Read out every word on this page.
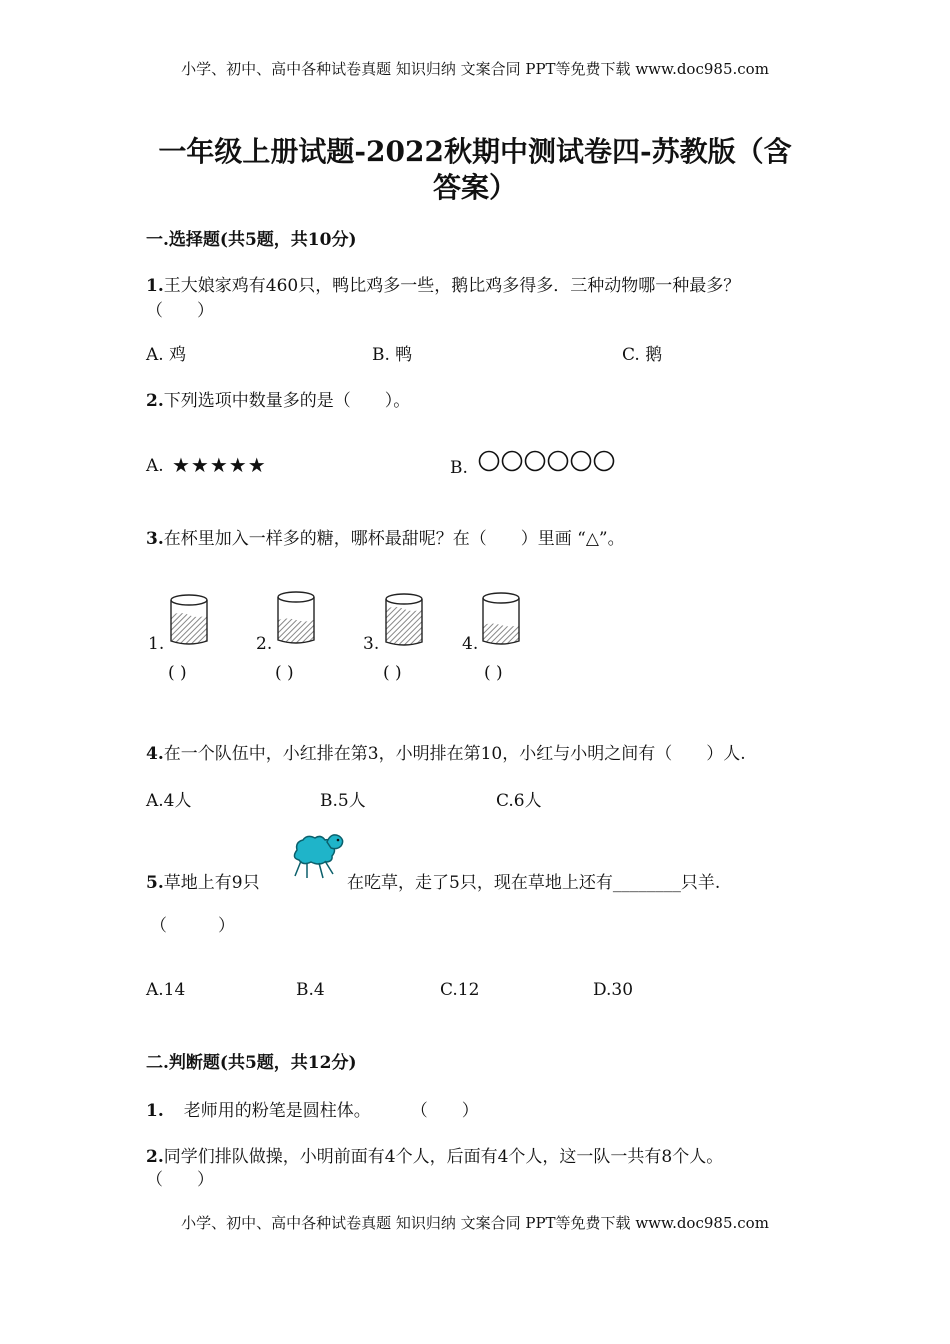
小学、初中、高中各种试卷真题 知识归纳 文案合同 PPT等免费下载 www.doc985.com
一年级上册试题-2022秋期中测试卷四-苏教版（含
答案）
一.选择题(共5题，共10分)
1.王大娘家鸡有460只，鸭比鸡多一些，鹅比鸡多得多．三种动物哪一种最多？
（　　）
A. 鸡	B. 鸭	C. 鹅
2.下列选项中数量多的是（　　）。
A. ★★★★★	B.
3.在杯里加入一样多的糖，哪杯最甜呢？在（　　）里画 “△”。
1.
( )
2.
( )
3.
( )
4.
( )
4.在一个队伍中，小红排在第3，小明排在第10，小红与小明之间有（　　）人.
A.4人	B.5人	C.6人
5.草地上有9只	在吃草，走了5只，现在草地上还有________只羊.
（　　　）
A.14	B.4	C.12	D.30
二.判断题(共5题，共12分)
1. 老师用的粉笔是圆柱体。 （　　）
2.同学们排队做操，小明前面有4个人，后面有4个人，这一队一共有8个人。
（　　）
小学、初中、高中各种试卷真题 知识归纳 文案合同 PPT等免费下载 www.doc985.com
